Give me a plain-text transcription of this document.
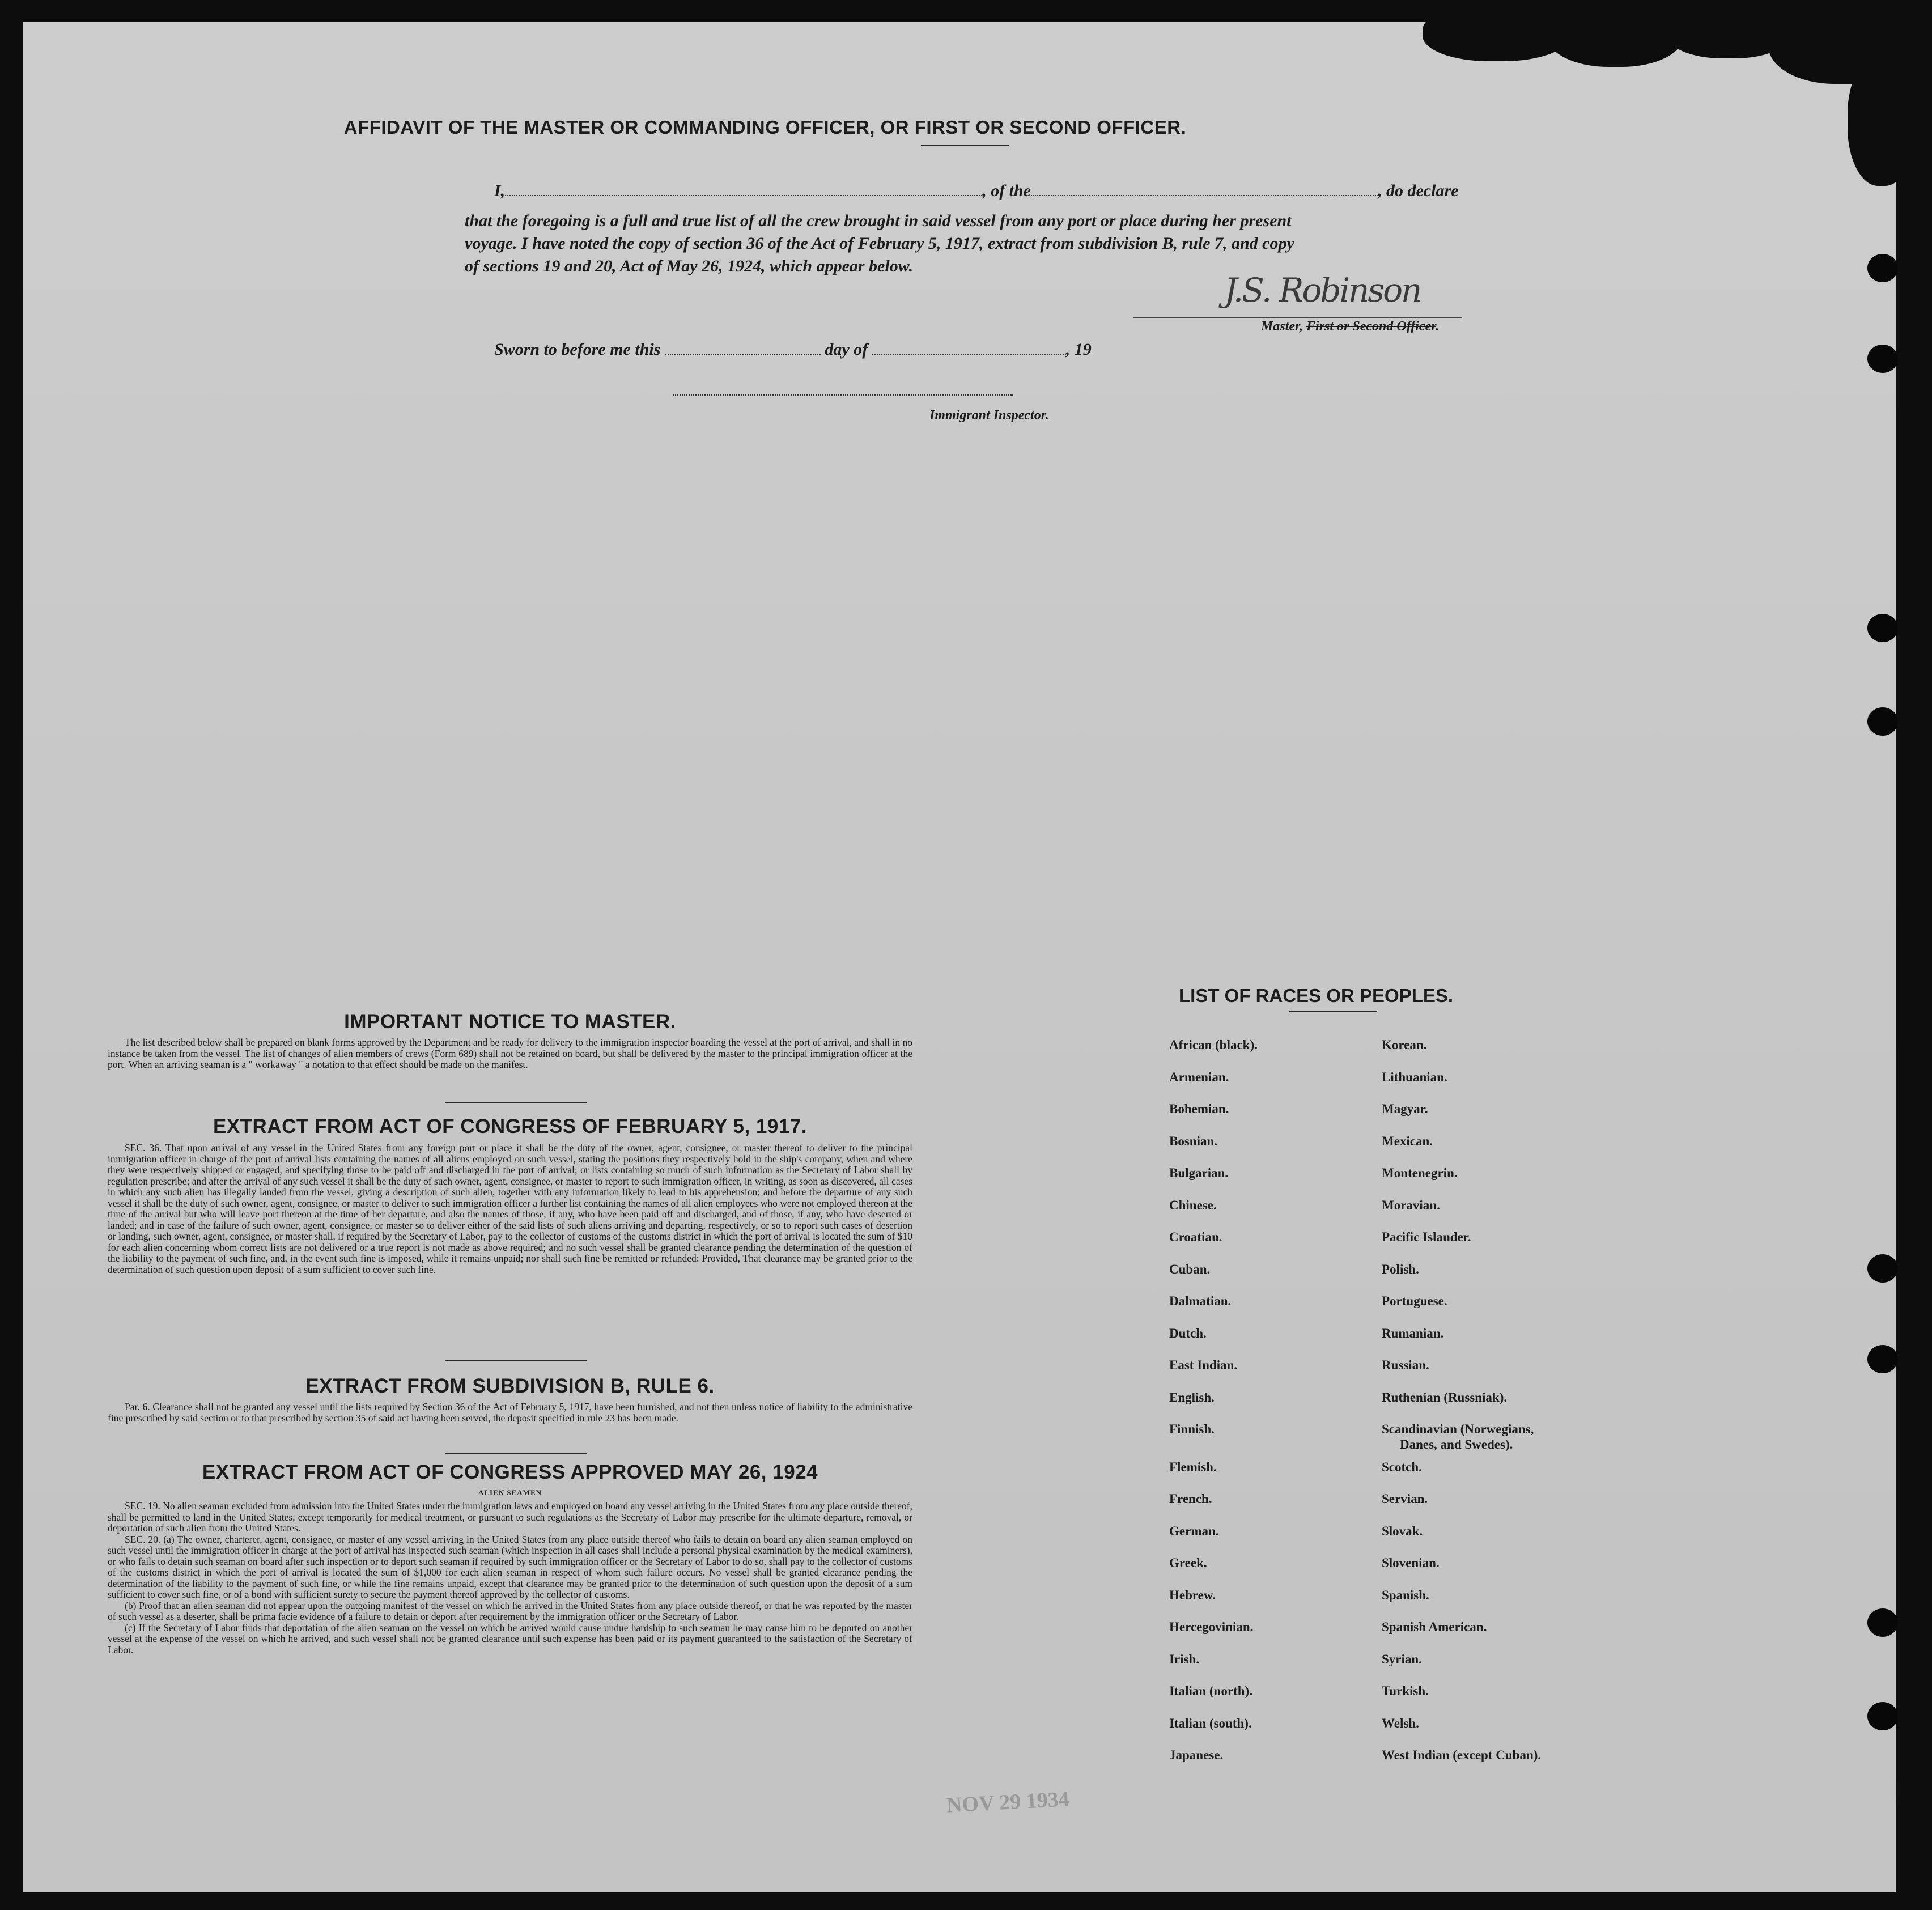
AFFIDAVIT OF THE MASTER OR COMMANDING OFFICER, OR FIRST OR SECOND OFFICER.
I,	, of the	, do declare
that the foregoing is a full and true list of all the crew brought in said vessel from any port or place during her present
voyage. I have noted the copy of section 36 of the Act of February 5, 1917, extract from subdivision B, rule 7, and copy
of sections 19 and 20, Act of May 26, 1924, which appear below.
J.S. Robinson
Master, First or Second Officer.
Sworn to before me this	day of	, 19
Immigrant Inspector.
IMPORTANT NOTICE TO MASTER.
The list described below shall be prepared on blank forms approved by the Department and be ready for delivery to the immigration inspector boarding the vessel at the port of arrival, and shall in no instance be taken from the vessel. The list of changes of alien members of crews (Form 689) shall not be retained on board, but shall be delivered by the master to the principal immigration officer at the port. When an arriving seaman is a " workaway " a notation to that effect should be made on the manifest.
EXTRACT FROM ACT OF CONGRESS OF FEBRUARY 5, 1917.

SEC. 36. That upon arrival of any vessel in the United States from any foreign port or place it shall be the duty of the owner, agent, consignee, or master thereof to deliver to the principal immigration officer in charge of the port of arrival lists containing the names of all aliens employed on such vessel, stating the positions they respectively hold in the ship's company, when and where they were respectively shipped or engaged, and specifying those to be paid off and discharged in the port of arrival; or lists containing so much of such information as the Secretary of Labor shall by regulation prescribe; and after the arrival of any such vessel it shall be the duty of such owner, agent, consignee, or master to report to such immigration officer, in writing, as soon as discovered, all cases in which any such alien has illegally landed from the vessel, giving a description of such alien, together with any information likely to lead to his apprehension; and before the departure of any such vessel it shall be the duty of such owner, agent, consignee, or master to deliver to such immigration officer a further list containing the names of all alien employees who were not employed thereon at the time of the arrival but who will leave port thereon at the time of her departure, and also the names of those, if any, who have been paid off and discharged, and of those, if any, who have deserted or landed; and in case of the failure of such owner, agent, consignee, or master so to deliver either of the said lists of such aliens arriving and departing, respectively, or so to report such cases of desertion or landing, such owner, agent, consignee, or master shall, if required by the Secretary of Labor, pay to the collector of customs of the customs district in which the port of arrival is located the sum of $10 for each alien concerning whom correct lists are not delivered or a true report is not made as above required; and no such vessel shall be granted clearance pending the determination of the question of the liability to the payment of such fine, and, in the event such fine is imposed, while it remains unpaid; nor shall such fine be remitted or refunded: Provided, That clearance may be granted prior to the determination of such question upon deposit of a sum sufficient to cover such fine.

EXTRACT FROM SUBDIVISION B, RULE 6.

Par. 6. Clearance shall not be granted any vessel until the lists required by Section 36 of the Act of February 5, 1917, have been furnished, and not then unless notice of liability to the administrative fine prescribed by said section or to that prescribed by section 35 of said act having been served, the deposit specified in rule 23 has been made.

EXTRACT FROM ACT OF CONGRESS APPROVED MAY 26, 1924
ALIEN SEAMEN

SEC. 19. No alien seaman excluded from admission into the United States under the immigration laws and employed on board any vessel arriving in the United States from any place outside thereof, shall be permitted to land in the United States, except temporarily for medical treatment, or pursuant to such regulations as the Secretary of Labor may prescribe for the ultimate departure, removal, or deportation of such alien from the United States.

SEC. 20. (a) The owner, charterer, agent, consignee, or master of any vessel arriving in the United States from any place outside thereof who fails to detain on board any alien seaman employed on such vessel until the immigration officer in charge at the port of arrival has inspected such seaman (which inspection in all cases shall include a personal physical examination by the medical examiners), or who fails to detain such seaman on board after such inspection or to deport such seaman if required by such immigration officer or the Secretary of Labor to do so, shall pay to the collector of customs of the customs district in which the port of arrival is located the sum of $1,000 for each alien seaman in respect of whom such failure occurs. No vessel shall be granted clearance pending the determination of the liability to the payment of such fine, or while the fine remains unpaid, except that clearance may be granted prior to the determination of such question upon the deposit of a sum sufficient to cover such fine, or of a bond with sufficient surety to secure the payment thereof approved by the collector of customs.

(b) Proof that an alien seaman did not appear upon the outgoing manifest of the vessel on which he arrived in the United States from any place outside thereof, or that he was reported by the master of such vessel as a deserter, shall be prima facie evidence of a failure to detain or deport after requirement by the immigration officer or the Secretary of Labor.

(c) If the Secretary of Labor finds that deportation of the alien seaman on the vessel on which he arrived would cause undue hardship to such seaman he may cause him to be deported on another vessel at the expense of the vessel on which he arrived, and such vessel shall not be granted clearance until such expense has been paid or its payment guaranteed to the satisfaction of the Secretary of Labor.

LIST OF RACES OR PEOPLES.
African (black).
Armenian.
Bohemian.
Bosnian.
Bulgarian.
Chinese.
Croatian.
Cuban.
Dalmatian.
Dutch.
East Indian.
English.
Finnish.
Flemish.
French.
German.
Greek.
Hebrew.
Hercegovinian.
Irish.
Italian (north).
Italian (south).
Japanese.
Korean.
Lithuanian.
Magyar.
Mexican.
Montenegrin.
Moravian.
Pacific Islander.
Polish.
Portuguese.
Rumanian.
Russian.
Ruthenian (Russniak).
Scandinavian (Norwegians,
Danes, and Swedes).
Scotch.
Servian.
Slovak.
Slovenian.
Spanish.
Spanish American.
Syrian.
Turkish.
Welsh.
West Indian (except Cuban).
NOV 29 1934
